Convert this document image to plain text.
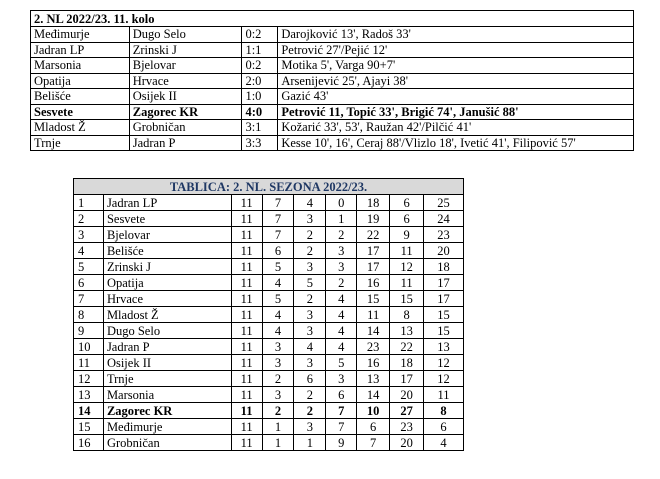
2. NL 2022/23. 11. kolo			
Međimurje	Dugo Selo	0:2	Darojković 13', Radoš 33'
Jadran LP	Zrinski J	1:1	Petrović 27'/Pejić 12'
Marsonia	Bjelovar	0:2	Motika 5', Varga 90+7'
Opatija	Hrvace	2:0	Arsenijević 25', Ajayi 38'
Belišće	Osijek II	1:0	Gazić 43'
Sesvete	Zagorec KR	4:0	Petrović 11, Topić 33', Brigić 74', Janušić 88'
Mladost Ž	Grobničan	3:1	Kožarić 33', 53', Raužan 42'/Pilčić 41'
Trnje	Jadran P	3:3	Kesse 10', 16', Ceraj 88'/Vlizlo 18', Ivetić 41', Filipović 57'
TABLICA: 2. NL. SEZONA 2022/23.								
1	Jadran LP	11	7	4	0	18	6	25
2	Sesvete	11	7	3	1	19	6	24
3	Bjelovar	11	7	2	2	22	9	23
4	Belišće	11	6	2	3	17	11	20
5	Zrinski J	11	5	3	3	17	12	18
6	Opatija	11	4	5	2	16	11	17
7	Hrvace	11	5	2	4	15	15	17
8	Mladost Ž	11	4	3	4	11	8	15
9	Dugo Selo	11	4	3	4	14	13	15
10	Jadran P	11	3	4	4	23	22	13
11	Osijek II	11	3	3	5	16	18	12
12	Trnje	11	2	6	3	13	17	12
13	Marsonia	11	3	2	6	14	20	11
14	Zagorec KR	11	2	2	7	10	27	8
15	Međimurje	11	1	3	7	6	23	6
16	Grobničan	11	1	1	9	7	20	4
